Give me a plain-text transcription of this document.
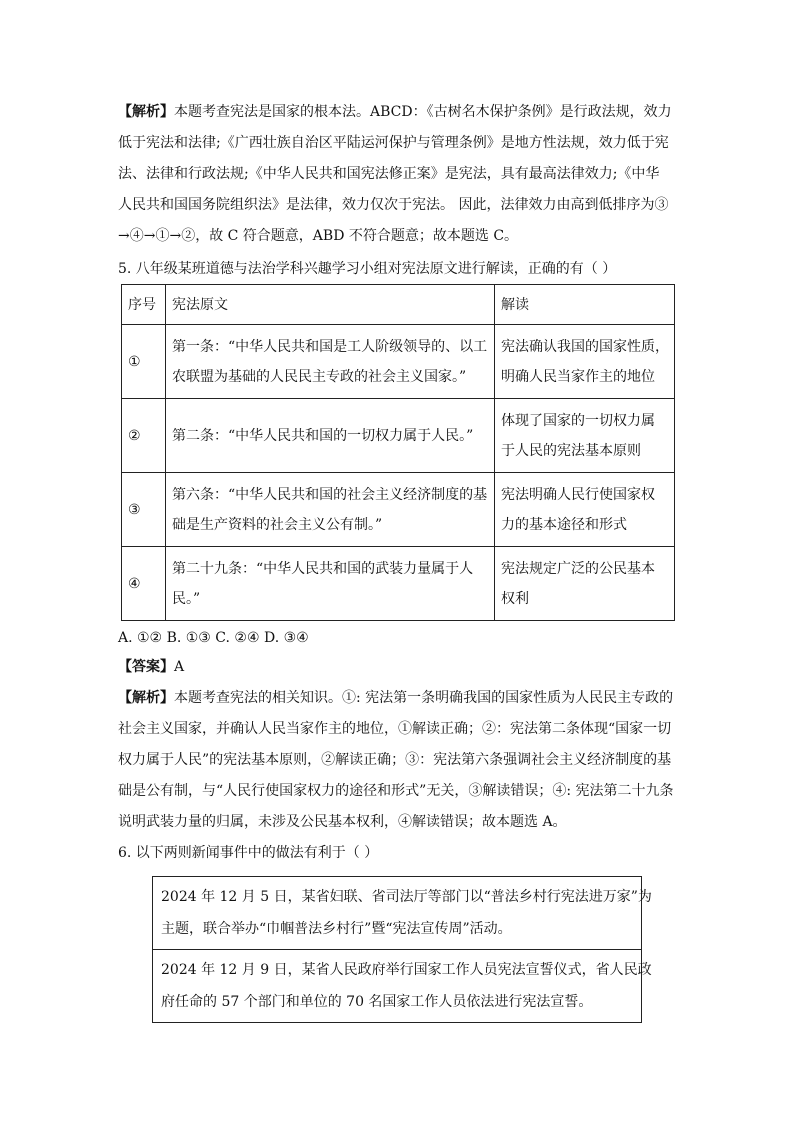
【解析】本题考查宪法是国家的根本法。ABCD：《古树名木保护条例》是行政法规，效力
低于宪法和法律;《广西壮族自治区平陆运河保护与管理条例》是地方性法规，效力低于宪
法、法律和行政法规;《中华人民共和国宪法修正案》是宪法，具有最高法律效力;《中华
人民共和国国务院组织法》是法律，效力仅次于宪法。 因此，法律效力由高到低排序为③
→④→①→②，故 C 符合题意，ABD 不符合题意；故本题选 C。
5. 八年级某班道德与法治学科兴趣学习小组对宪法原文进行解读，正确的有（ ）
序号	宪法原文	解读
①	第一条：“中华人民共和国是工人阶级领导的、以工
农联盟为基础的人民民主专政的社会主义国家。”	宪法确认我国的国家性质，
明确人民当家作主的地位

②	第二条：“中华人民共和国的一切权力属于人民。”	体现了国家的一切权力属
于人民的宪法基本原则

③	第六条：“中华人民共和国的社会主义经济制度的基
础是生产资料的社会主义公有制。”	宪法明确人民行使国家权
力的基本途径和形式

④	第二十九条：“中华人民共和国的武装力量属于人
民。”	宪法规定广泛的公民基本
权利
A. ①② B. ①③ C. ②④ D. ③④
【答案】A
【解析】本题考查宪法的相关知识。①: 宪法第一条明确我国的国家性质为人民民主专政的
社会主义国家，并确认人民当家作主的地位，①解读正确；②：宪法第二条体现“国家一切
权力属于人民”的宪法基本原则，②解读正确；③：宪法第六条强调社会主义经济制度的基
础是公有制，与“人民行使国家权力的途径和形式”无关，③解读错误；④: 宪法第二十九条
说明武装力量的归属，未涉及公民基本权利，④解读错误；故本题选 A。
6. 以下两则新闻事件中的做法有利于（ ）
2024 年 12 月 5 日，某省妇联、省司法厅等部门以“普法乡村行宪法进万家”为
主题，联合举办“巾帼普法乡村行”暨“宪法宣传周”活动。

2024 年 12 月 9 日，某省人民政府举行国家工作人员宪法宣誓仪式，省人民政
府任命的 57 个部门和单位的 70 名国家工作人员依法进行宪法宣誓。
